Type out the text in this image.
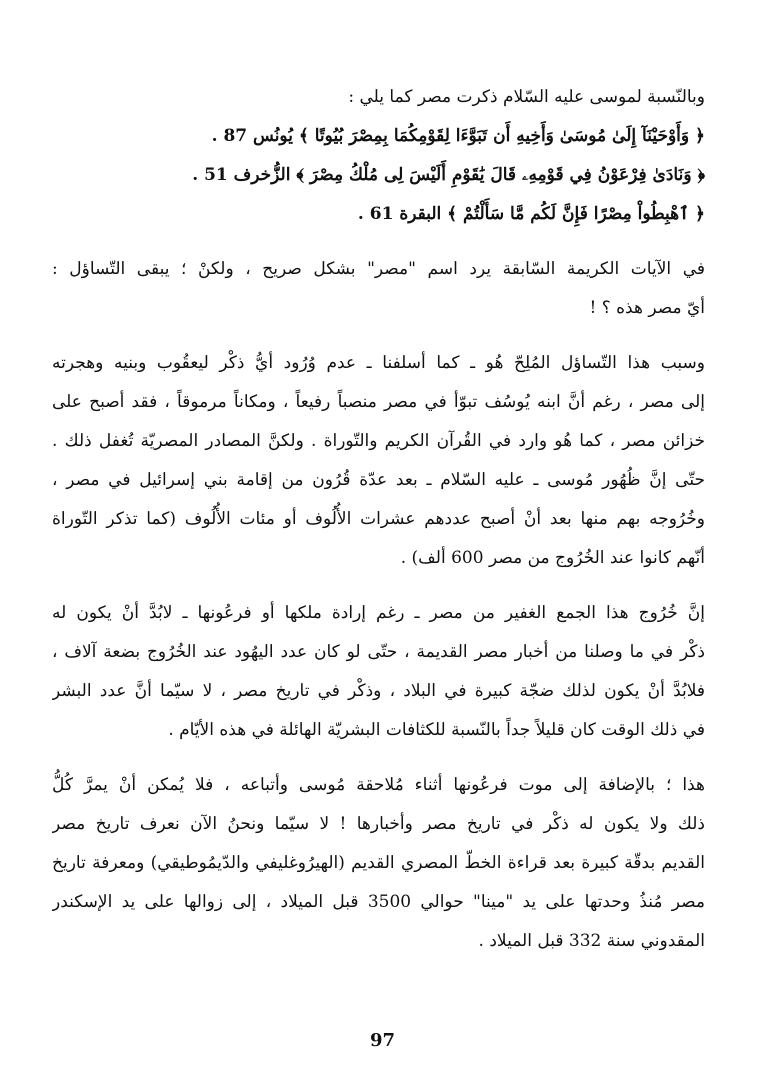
وبالنّسبة لموسى عليه السّلام ذكرت مصر كما يلي :
﴿ وَأَوْحَيْنَآ إِلَىٰ مُوسَىٰ وَأَخِيهِ أَن تَبَوَّءَا لِقَوْمِكُمَا بِمِصْرَ بُيُوتًا ﴾ يُونُس 87 .
﴿ وَنَادَىٰ فِرْعَوْنُ فِي قَوْمِهِۦ قَالَ يَٰقَوْمِ أَلَيْسَ لِى مُلْكُ مِصْرَ ﴾ الزُّخرف 51 .
﴿ ٱهْبِطُواْ مِصْرًا فَإِنَّ لَكُم مَّا سَأَلْتُمْ ﴾ البقرة 61 .
في الآيات الكريمة السّابقة يرد اسم "مصر" بشكل صريح ، ولكنْ ؛ يبقى التّساؤل :
أيّ مصر هذه ؟ !
وسبب هذا التّساؤل المُلِحّ هُو ـ كما أسلفنا ـ عدم وُرُود أيُّ ذكْر ليعقُوب وبنيه وهجرته
إلى مصر ، رغم أنَّ ابنه يُوسُف تبوّأ في مصر منصباً رفيعاً ، ومكاناً مرموقاً ، فقد أصبح على
خزائن مصر ، كما هُو وارد في القُرآن الكريم والتّوراة . ولكنَّ المصادر المصريّة تُغفل ذلك .
حتّى إنَّ ظُهُور مُوسى ـ عليه السّلام ـ بعد عدّة قُرُون من إقامة بني إسرائيل في مصر ،
وخُرُوجه بهم منها بعد أنْ أصبح عددهم عشرات الأُلُوف أو مئات الأُلُوف (كما تذكر التّوراة
أنّهم كانوا عند الخُرُوج من مصر 600 ألف) .
إنَّ خُرُوج هذا الجمع الغفير من مصر ـ رغم إرادة ملكها أو فرعُونها ـ لابُدَّ أنْ يكون له
ذكْر في ما وصلنا من أخبار مصر القديمة ، حتّى لو كان عدد اليهُود عند الخُرُوج بضعة آلاف ،
فلابُدَّ أنْ يكون لذلك ضجّة كبيرة في البلاد ، وذكْر في تاريخ مصر ، لا سيّما أنَّ عدد البشر
في ذلك الوقت كان قليلاً جداً بالنّسبة للكثافات البشريّة الهائلة في هذه الأيّام .
هذا ؛ بالإضافة إلى موت فرعُونها أثناء مُلاحقة مُوسى وأتباعه ، فلا يُمكن أنْ يمرَّ كُلُّ
ذلك ولا يكون له ذكْر في تاريخ مصر وأخبارها ! لا سيّما ونحنُ الآن نعرف تاريخ مصر
القديم بدقّة كبيرة بعد قراءة الخطّ المصري القديم (الهيرُوغليفي والدّيمُوطيقي) ومعرفة تاريخ
مصر مُنذُ وحدتها على يد "مينا" حوالي 3500 قبل الميلاد ، إلى زوالها على يد الإسكندر
المقدوني سنة 332 قبل الميلاد .
97
